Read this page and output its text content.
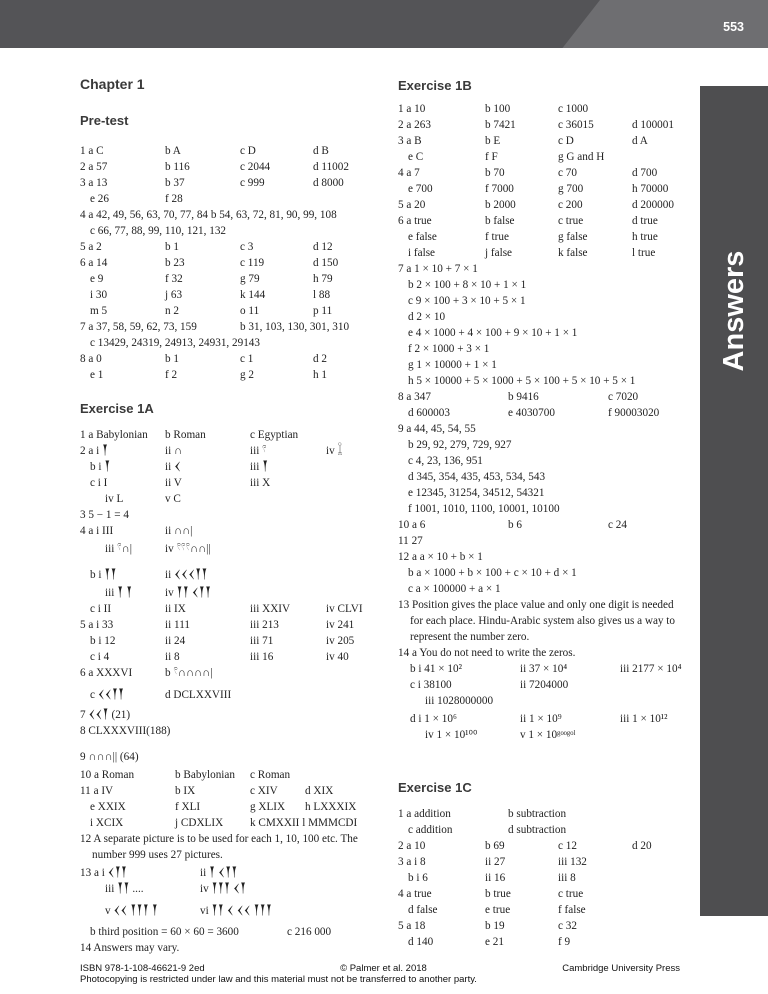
553
Answers
Chapter 1
Pre-test
Exercise 1A
Exercise 1B
Exercise 1C
1 a C	b A	c D	d B
2 a 57	b 116	c 2044	d 11002
3 a 13	b 37	c 999	d 8000
e 26	f 28
4 a 42, 49, 56, 63, 70, 77, 84 b 54, 63, 72, 81, 90, 99, 108
c 66, 77, 88, 99, 110, 121, 132
5 a 2	b 1	c 3	d 12
6 a 14	b 23	c 119	d 150
e 9	f 32	g 79	h 79
i 30	j 63	k 144	l 88
m 5	n 2	o 11	p 11
7 a 37, 58, 59, 62, 73, 159	b 31, 103, 130, 301, 310
c 13429, 24319, 24913, 24931, 29143
8 a 0	b 1	c 1	d 2
e 1	f 2	g 2	h 1
1 a Babylonian b Roman	c Egyptian
2 a i 𒐕	ii ∩	iii 𓍢	iv 𓆼
b i 𒐕	ii 𒌋	iii 𒐕
c i I	ii V	iii X
iv L	v C
3 5 − 1 = 4
4 a i III	ii ∩∩|
iii 𓍢∩|	iv 𓍢𓍢𓍢∩∩||
b i 𒐕𒐕	ii 𒌋𒌋𒌋𒐕𒐕
iii 𒐕 𒐕	iv 𒐕𒐕 𒌋𒐕𒐕
c i II	ii IX	iii XXIV	iv CLVI
5 a i 33	ii 111	iii 213	iv 241
b i 12	ii 24	iii 71	iv 205
c i 4	ii 8	iii 16	iv 40
6 a XXXVI	b 𓍢∩∩∩∩|
c 𒌋𒌋𒐕𒐕	d DCLXXVIII
7 𒌋𒌋𒐕 (21)
8 CLXXXVIII(188)
9 ∩∩∩|| (64)
10 a Roman	b Babylonian c Roman
11 a IV	b IX	c XIV d XIX
e XXIX	f XLI	g XLIX h LXXXIX
i XCIX	j CDXLIX k CMXXII l MMMCDI
12 A separate picture is to be used for each 1, 10, 100 etc. The
number 999 uses 27 pictures.
13 a i 𒌋𒐕𒐕	ii 𒐕 𒌋𒐕𒐕
iii 𒐕𒐕 ....	iv 𒐕𒐕𒐕 𒌋𒐕
v 𒌋𒌋 𒐕𒐕𒐕 𒐕	vi 𒐕𒐕 𒌋 𒌋𒌋 𒐕𒐕𒐕
b third position = 60 × 60 = 3600	c 216 000
14 Answers may vary.
1 a 10	b 100	c 1000
2 a 263	b 7421	c 36015	d 100001
3 a B	b E	c D	d A
e C	f F	g G and H
4 a 7	b 70	c 70	d 700
e 700	f 7000	g 700	h 70000
5 a 20	b 2000	c 200	d 200000
6 a true	b false	c true	d true
e false	f true	g false	h true
i false	j false	k false	l true
7 a 1 × 10 + 7 × 1
b 2 × 100 + 8 × 10 + 1 × 1
c 9 × 100 + 3 × 10 + 5 × 1
d 2 × 10
e 4 × 1000 + 4 × 100 + 9 × 10 + 1 × 1
f 2 × 1000 + 3 × 1
g 1 × 10000 + 1 × 1
h 5 × 10000 + 5 × 1000 + 5 × 100 + 5 × 10 + 5 × 1
8 a 347	b 9416	c 7020
d 600003	e 4030700	f 90003020
9 a 44, 45, 54, 55
b 29, 92, 279, 729, 927
c 4, 23, 136, 951
d 345, 354, 435, 453, 534, 543
e 12345, 31254, 34512, 54321
f 1001, 1010, 1100, 10001, 10100
10 a 6	b 6	c 24
11 27
12 a a × 10 + b × 1
b a × 1000 + b × 100 + c × 10 + d × 1
c a × 100000 + a × 1
13 Position gives the place value and only one digit is needed
for each place. Hindu-Arabic system also gives us a way to
represent the number zero.
14 a You do not need to write the zeros.
b i 41 × 10²	ii 37 × 10⁴	iii 2177 × 10⁴
c i 38100	ii 7204000
iii 1028000000
d i 1 × 10⁶	ii 1 × 10⁹	iii 1 × 10¹²
iv 1 × 10¹⁰⁰	v 1 × 10ᵍᵒᵒᵍᵒˡ
1 a addition	b subtraction
c addition	d subtraction
2 a 10	b 69	c 12	d 20
3 a i 8	ii 27	iii 132
b i 6	ii 16	iii 8
4 a true	b true	c true
d false	e true	f false
5 a 18	b 19	c 32
d 140	e 21	f 9
ISBN 978-1-108-46621-9 2ed	© Palmer et al. 2018	Cambridge University Press
Photocopying is restricted under law and this material must not be transferred to another party.
